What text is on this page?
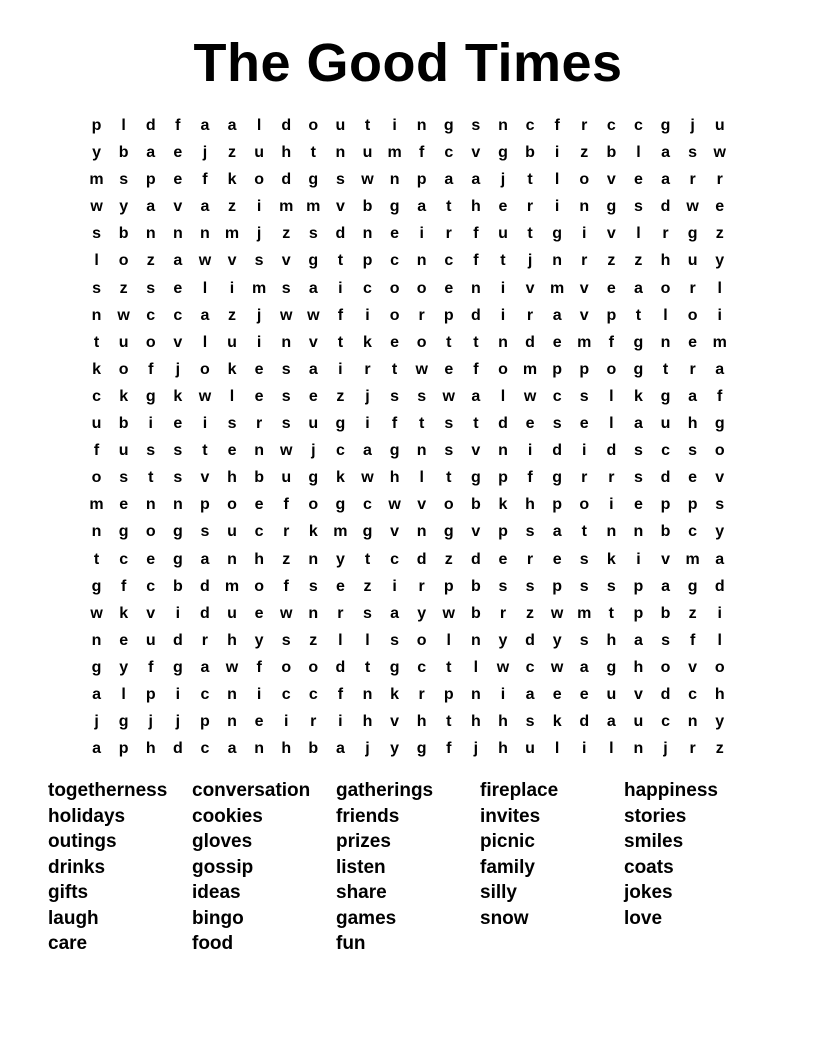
The Good Times
p	l	d	f	a	a	l	d	o	u	t	i	n	g	s	n	c	f	r	c	c	g	j	u
y	b	a	e	j	z	u	h	t	n	u m	f	c	v	g	b	i	z	b	l	a	s	w
m s	p	e	f	k	o	d	g	s	w n	p	a	a	j	t	l	o	v	e	a	r	r
w	y	a	v	a	z	i	m m v	b	g	a	t	h	e	r	i	n	g	s	d w	e
s	b	n	n	n m	j	z	s	d	n	e	i	r	f	u	t	g	i	v	l	r	g	z
l	o	z	a	w	v	s	v	g	t	p	c	n	c	f	t	j	n	r	z	z	h	u	y
s	z	s	e	l	i	m s	a	i	c	o	o	e	n	i	v m v	e	a	o	r	l
n w	c	c	a	z	j	w w	f	i	o	r	p	d	i	r	a	v	p	t	l	o	i
t	u	o	v	l	u	i	n	v	t	k	e	o	t	t	n	d	e m	f	g	n	e m
k	o	f	j	o	k	e	s	a	i	r	t	w	e	f	o m p	p	o	g	t	r	a
c	k	g	k	w	l	e	s	e	z	j	s	s	w	a	l	w	c	s	l	k	g	a	f
u	b	i	e	i	s	r	s	u	g	i	f	t	s	t	d	e	s	e	l	a	u	h	g
f	u	s	s	t	e	n w	j	c	a	g	n	s	v	n	i	d	i	d	s	c	s	o
o	s	t	s	v	h	b	u	g	k	w h	l	t	g	p	f	g	r	r	s	d	e	v
m e	n	n	p	o	e	f	o	g	c	w	v	o	b	k	h	p	o	i	e	p	p	s
n	g	o	g	s	u	c	r	k m g	v	n	g	v	p	s	a	t	n	n	b	c	y
t	c	e	g	a	n	h	z	n	y	t	c	d	z	d	e	r	e	s	k	i	v m a
g	f	c	b	d m o	f	s	e	z	i	r	p	b	s	s	p	s	s	p	a	g	d
w	k	v	i	d	u	e	w n	r	s	a	y	w b	r	z	w m	t	p	b	z	i
n	e	u	d	r	h	y	s	z	l	l	s	o	l	n	y	d	y	s	h	a	s	f	l
g	y	f	g	a	w	f	o	o	d	t	g	c	t	l	w	c	w	a	g	h	o	v	o
a	l	p	i	c	n	i	c	c	f	n	k	r	p	n	i	a	e	e	u	v	d	c	h
j	g	j	j	p	n	e	i	r	i	h	v	h	t	h	h	s	k	d	a	u	c	n	y
a	p	h	d	c	a	n	h	b	a	j	y	g	f	j	h	u	l	i	l	n	j	r	z
togetherness
holidays
outings
drinks
gifts
laugh
care
conversation
cookies
gloves
gossip
ideas
bingo
food
gatherings
friends
prizes
listen
share
games
fun
fireplace
invites
picnic
family
silly
snow
happiness
stories
smiles
coats
jokes
love
